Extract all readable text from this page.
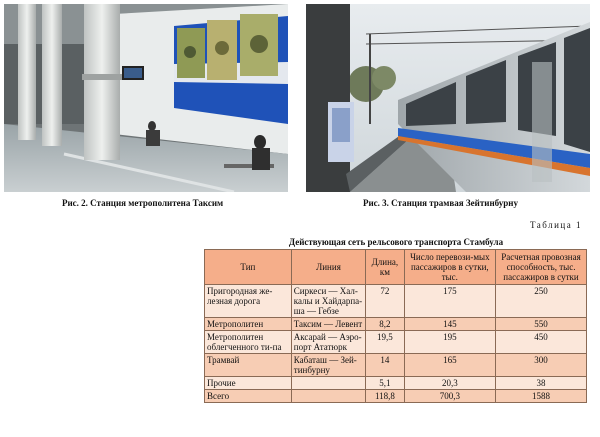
Рис. 2. Станция метрополитена Таксим	Рис. 3. Станция трамвая Зейтинбурну
Таблица 1
Действующая сеть рельсового транспорта Стамбула
Тип	Линия	Длина, км	Число перевози-мых пассажиров в сутки, тыс.	Расчетная провозная способность, тыс. пассажиров в сутки
Пригородная же-лезная дорога	Сиркеси — Хал-калы и Хайдарпа-ша — Гебзе	72	175	250
Метрополитен	Таксим — Левент	8,2	145	550
Метрополитен облегченного ти-па	Аксарай — Аэро-порт Ататюрк	19,5	195	450
Трамвай	Кабаташ — Зей-тинбурну	14	165	300
Прочие		5,1	20,3	38
Всего		118,8	700,3	1588
